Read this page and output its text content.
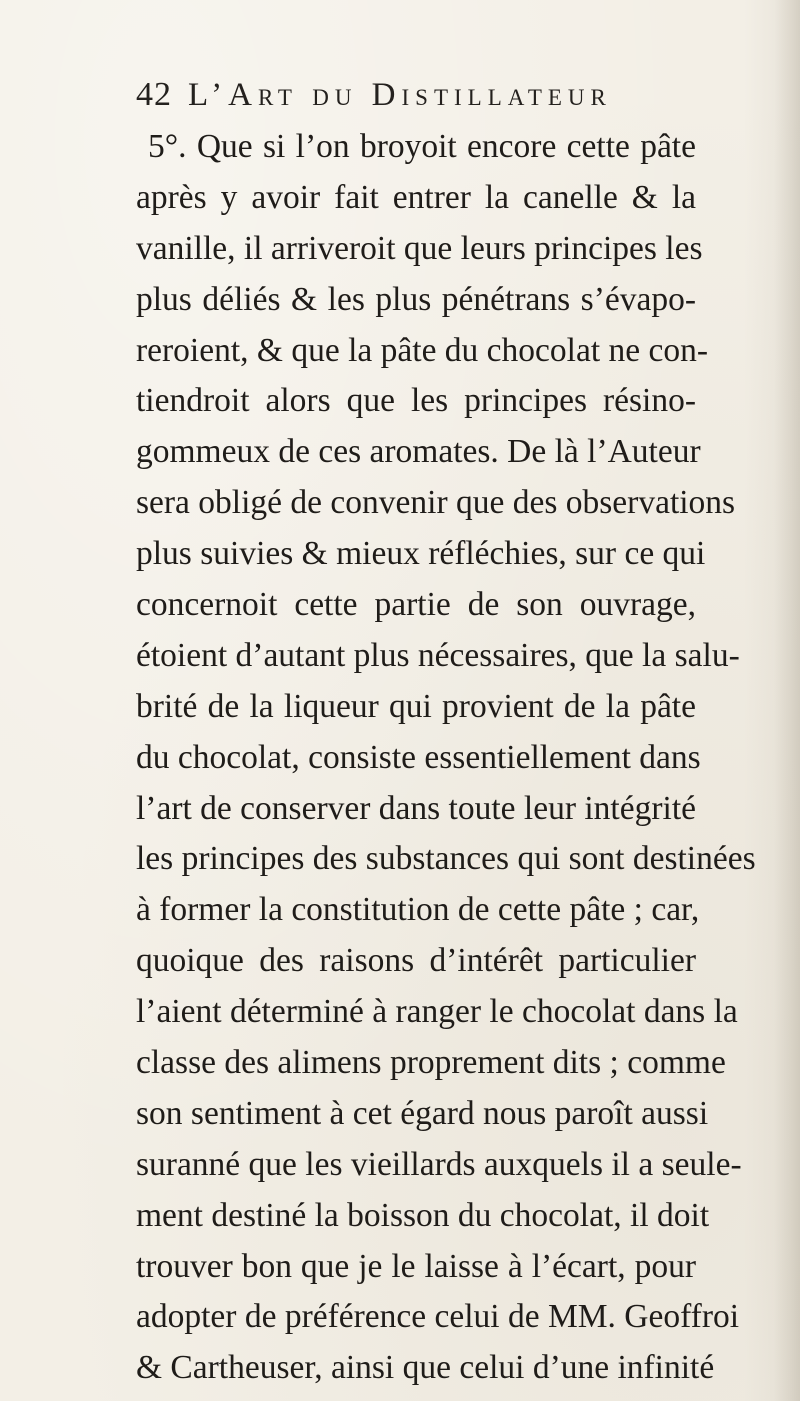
42 L’Art du Distillateur
5°. Que si l’on broyoit encore cette pâte
après y avoir fait entrer la canelle & la
vanille, il arriveroit que leurs principes les
plus déliés & les plus pénétrans s’évapo-
reroient, & que la pâte du chocolat ne con-
tiendroit alors que les principes résino-
gommeux de ces aromates. De là l’Auteur
sera obligé de convenir que des observations
plus suivies & mieux réfléchies, sur ce qui
concernoit cette partie de son ouvrage,
étoient d’autant plus nécessaires, que la salu-
brité de la liqueur qui provient de la pâte
du chocolat, consiste essentiellement dans
l’art de conserver dans toute leur intégrité
les principes des substances qui sont destinées
à former la constitution de cette pâte ; car,
quoique des raisons d’intérêt particulier
l’aient déterminé à ranger le chocolat dans la
classe des alimens proprement dits ; comme
son sentiment à cet égard nous paroît aussi
suranné que les vieillards auxquels il a seule-
ment destiné la boisson du chocolat, il doit
trouver bon que je le laisse à l’écart, pour
adopter de préférence celui de MM. Geoffroi
& Cartheuser, ainsi que celui d’une infinité
